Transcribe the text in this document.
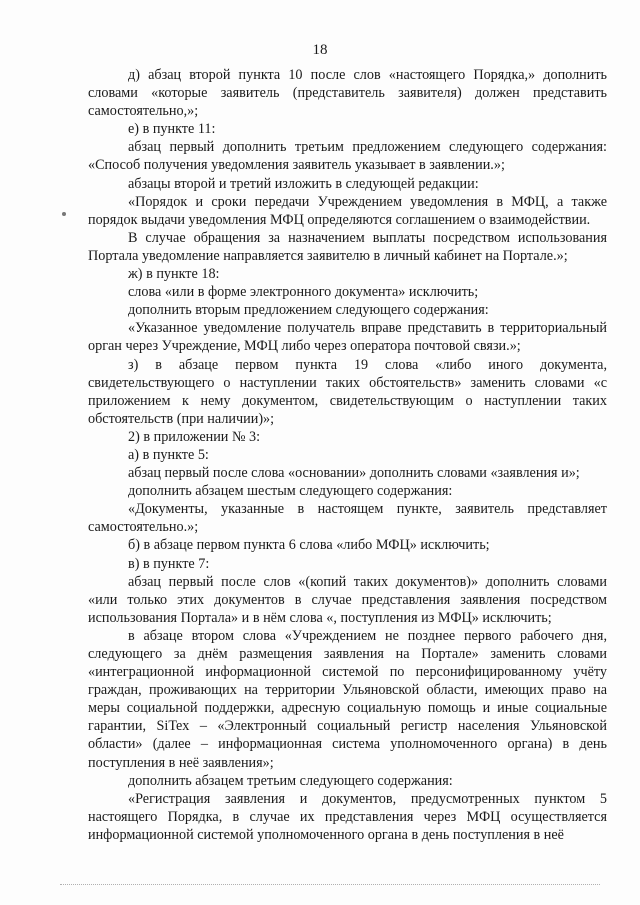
18

д) абзац второй пункта 10 после слов «настоящего Порядка,» дополнить словами «которые заявитель (представитель заявителя) должен представить самостоятельно,»;

е) в пункте 11:

абзац первый дополнить третьим предложением следующего содержания: «Способ получения уведомления заявитель указывает в заявлении.»;

абзацы второй и третий изложить в следующей редакции:

«Порядок и сроки передачи Учреждением уведомления в МФЦ, а также порядок выдачи уведомления МФЦ определяются соглашением о взаимодействии.

В случае обращения за назначением выплаты посредством использования Портала уведомление направляется заявителю в личный кабинет на Портале.»;

ж) в пункте 18:

слова «или в форме электронного документа» исключить;

дополнить вторым предложением следующего содержания:

«Указанное уведомление получатель вправе представить в территориальный орган через Учреждение, МФЦ либо через оператора почтовой связи.»;

з) в абзаце первом пункта 19 слова «либо иного документа, свидетельствующего о наступлении таких обстоятельств» заменить словами «с приложением к нему документом, свидетельствующим о наступлении таких обстоятельств (при наличии)»;

2) в приложении № 3:

а) в пункте 5:

абзац первый после слова «основании» дополнить словами «заявления и»;

дополнить абзацем шестым следующего содержания:

«Документы, указанные в настоящем пункте, заявитель представляет самостоятельно.»;

б) в абзаце первом пункта 6 слова «либо МФЦ» исключить;

в) в пункте 7:

абзац первый после слов «(копий таких документов)» дополнить словами «или только этих документов в случае представления заявления посредством использования Портала» и в нём слова «, поступления из МФЦ» исключить;

в абзаце втором слова «Учреждением не позднее первого рабочего дня, следующего за днём размещения заявления на Портале» заменить словами «интеграционной информационной системой по персонифицированному учёту граждан, проживающих на территории Ульяновской области, имеющих право на меры социальной поддержки, адресную социальную помощь и иные социальные гарантии, SiTex – «Электронный социальный регистр населения Ульяновской области» (далее – информационная система уполномоченного органа) в день поступления в неё заявления»;

дополнить абзацем третьим следующего содержания:

«Регистрация заявления и документов, предусмотренных пунктом 5 настоящего Порядка, в случае их представления через МФЦ осуществляется информационной системой уполномоченного органа в день поступления в неё
